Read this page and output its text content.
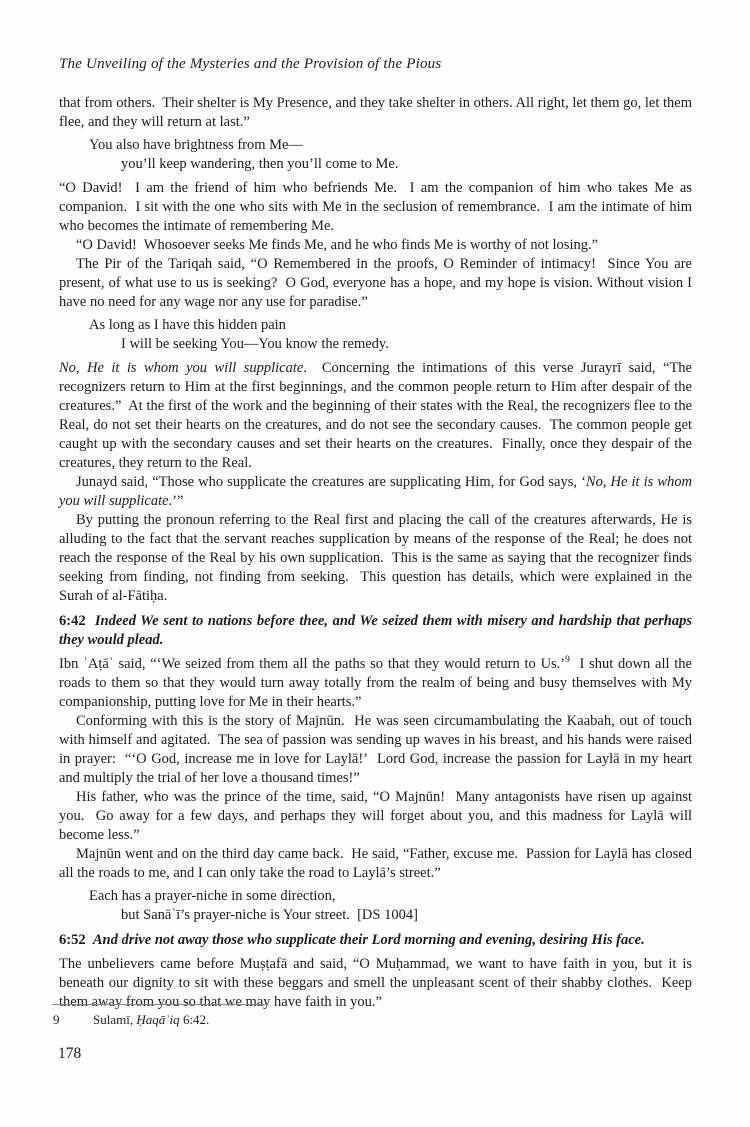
The Unveiling of the Mysteries and the Provision of the Pious

that from others.  Their shelter is My Presence, and they take shelter in others. All right, let them go, let them flee, and they will return at last.”

You also have brightness from Me—
you’ll keep wandering, then you’ll come to Me.

“O David!  I am the friend of him who befriends Me.  I am the companion of him who takes Me as companion.  I sit with the one who sits with Me in the seclusion of remembrance.  I am the intimate of him who becomes the intimate of remembering Me.

“O David!  Whosoever seeks Me finds Me, and he who finds Me is worthy of not losing.”

The Pir of the Tariqah said, “O Remembered in the proofs, O Reminder of intimacy!  Since You are present, of what use to us is seeking?  O God, everyone has a hope, and my hope is vision. Without vision I have no need for any wage nor any use for paradise.”

As long as I have this hidden pain
I will be seeking You—You know the remedy.

No, He it is whom you will supplicate.  Concerning the intimations of this verse Jurayrī said, “The recognizers return to Him at the first beginnings, and the common people return to Him after despair of the creatures.”  At the first of the work and the beginning of their states with the Real, the recognizers flee to the Real, do not set their hearts on the creatures, and do not see the secondary causes.  The common people get caught up with the secondary causes and set their hearts on the creatures.  Finally, once they despair of the creatures, they return to the Real.

Junayd said, “Those who supplicate the creatures are supplicating Him, for God says, ‘No, He it is whom you will supplicate.’”

By putting the pronoun referring to the Real first and placing the call of the creatures afterwards, He is alluding to the fact that the servant reaches supplication by means of the response of the Real; he does not reach the response of the Real by his own supplication.  This is the same as saying that the recognizer finds seeking from finding, not finding from seeking.  This question has details, which were explained in the Surah of al-Fātiḥa.

6:42  Indeed We sent to nations before thee, and We seized them with misery and hardship that perhaps they would plead.

Ibn ʿAṭāʾ said, “‘We seized from them all the paths so that they would return to Us.’$^9$  I shut down all the roads to them so that they would turn away totally from the realm of being and busy themselves with My companionship, putting love for Me in their hearts.”

Conforming with this is the story of Majnūn.  He was seen circumambulating the Kaabah, out of touch with himself and agitated.  The sea of passion was sending up waves in his breast, and his hands were raised in prayer:  “‘O God, increase me in love for Laylā!’  Lord God, increase the passion for Laylā in my heart and multiply the trial of her love a thousand times!”

His father, who was the prince of the time, said, “O Majnūn!  Many antagonists have risen up against you.  Go away for a few days, and perhaps they will forget about you, and this madness for Laylā will become less.”

Majnūn went and on the third day came back.  He said, “Father, excuse me.  Passion for Laylā has closed all the roads to me, and I can only take the road to Laylā’s street.”

Each has a prayer-niche in some direction,
but Sanāʾī’s prayer-niche is Your street.  [DS 1004]

6:52  And drive not away those who supplicate their Lord morning and evening, desiring His face.

The unbelievers came before Muṣṭafā and said, “O Muḥammad, we want to have faith in you, but it is beneath our dignity to sit with these beggars and smell the unpleasant scent of their shabby clothes.  Keep them away from you so that we may have faith in you.”

9	Sulamī, Ḥaqāʾiq 6:42.
178
